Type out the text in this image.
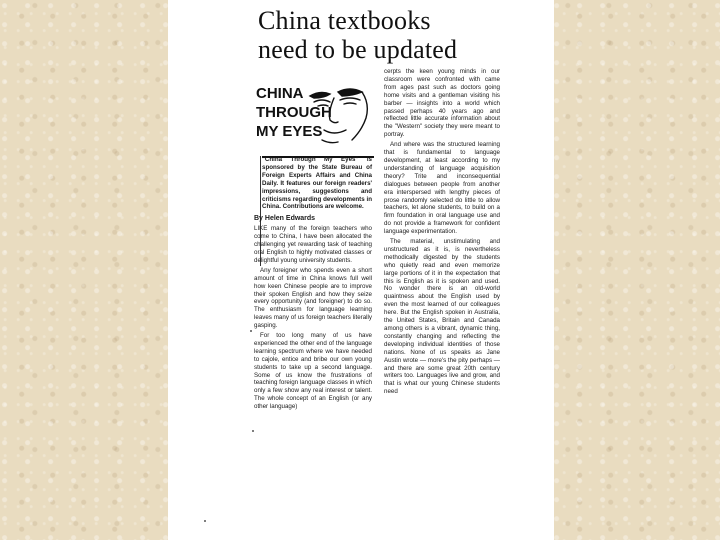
China textbooks
need to be updated
CHINA
THROUGH
MY EYES

"China Through My Eyes" is sponsored by the State Bureau of Foreign Experts Affairs and China Daily. It features our foreign readers' impressions, suggestions and criticisms regarding developments in China. Contributions are welcome.

By Helen Edwards

LIKE many of the foreign teachers who come to China, I have been allocated the challenging yet rewarding task of teaching oral English to highly motivated classes or delightful young university students.

Any foreigner who spends even a short amount of time in China knows full well how keen Chinese people are to improve their spoken English and how they seize every opportunity (and foreigner) to do so. The enthusiasm for language learning leaves many of us foreign teachers literally gasping.

For too long many of us have experienced the other end of the language learning spectrum where we have needed to cajole, entice and bribe our own young students to take up a second language. Some of us know the frustrations of teaching foreign language classes in which only a few show any real interest or talent. The whole concept of an English (or any other language)

cerpts the keen young minds in our classroom were confronted with came from ages past such as doctors going home visits and a gentleman visiting his barber — insights into a world which passed perhaps 40 years ago and reflected little accurate information about the "Western" society they were meant to portray.

And where was the structured learning that is fundamental to language development, at least according to my understanding of language acquisition theory? Trite and inconsequential dialogues between people from another era interspersed with lengthy pieces of prose randomly selected do little to allow teachers, let alone students, to build on a firm foundation in oral language use and do not provide a framework for confident language experimentation.

The material, unstimulating and unstructured as it is, is nevertheless methodically digested by the students who quietly read and even memorize large portions of it in the expectation that this is English as it is spoken and used. No wonder there is an old-world quaintness about the English used by even the most learned of our colleagues here. But the English spoken in Australia, the United States, Britain and Canada among others is a vibrant, dynamic thing, constantly changing and reflecting the developing individual identities of those nations. None of us speaks as Jane Austin wrote — more's the pity perhaps — and there are some great 20th century writers too. Languages live and grow, and that is what our young Chinese students need
